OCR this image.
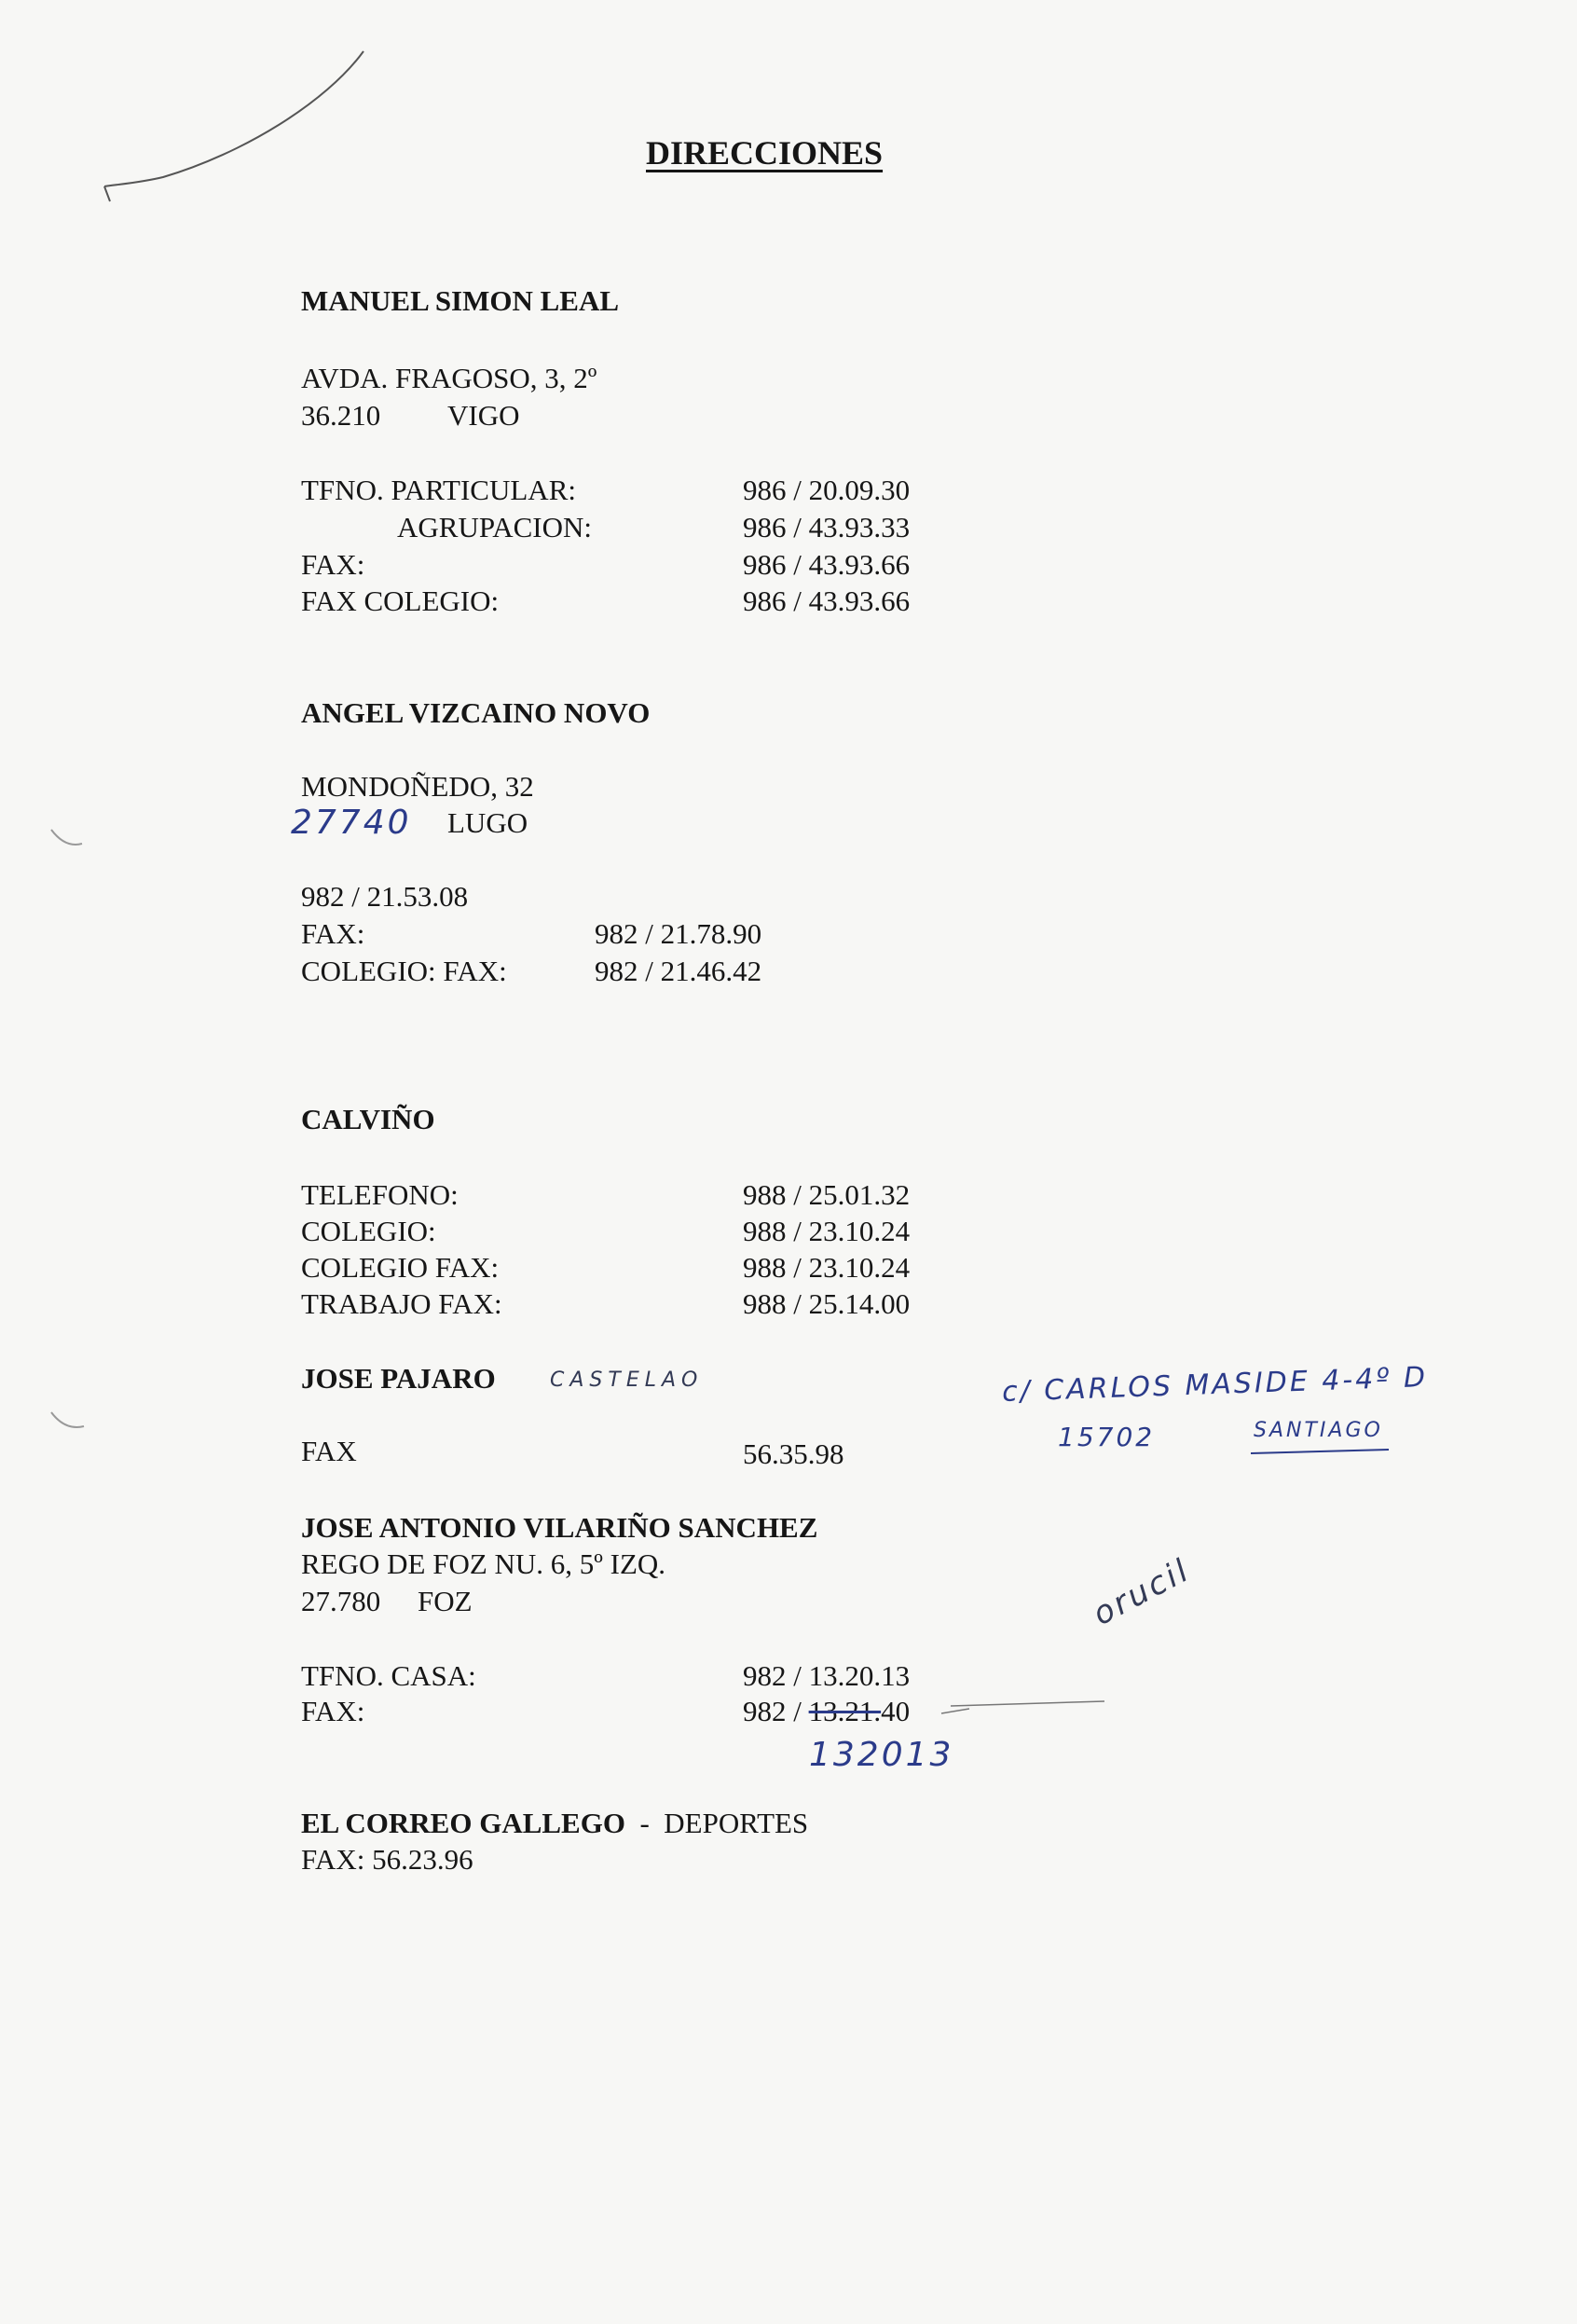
DIRECCIONES
MANUEL SIMON LEAL
AVDA. FRAGOSO, 3, 2º
36.210 VIGO
TFNO. PARTICULAR:	986 / 20.09.30
AGRUPACION:	986 / 43.93.33
FAX:	986 / 43.93.66
FAX COLEGIO:	986 / 43.93.66
ANGEL VIZCAINO NOVO
MONDOÑEDO, 32
27740 LUGO
982 / 21.53.08
FAX:	982 / 21.78.90
COLEGIO: FAX:	982 / 21.46.42
CALVIÑO
TELEFONO:	988 / 25.01.32
COLEGIO:	988 / 23.10.24
COLEGIO FAX:	988 / 23.10.24
TRABAJO FAX:	988 / 25.14.00
JOSE PAJARO	CASTELAO
FAX	56.35.98
c/ CARLOS MASIDE 4-4º D
15702	SANTIAGO
JOSE ANTONIO VILARIÑO SANCHEZ
REGO DE FOZ NU. 6, 5º IZQ.
27.780 FOZ
TFNO. CASA:	982 / 13.20.13
FAX:	982 / 13.21.40
132013
orucil
EL CORREO GALLEGO - DEPORTES
FAX: 56.23.96
